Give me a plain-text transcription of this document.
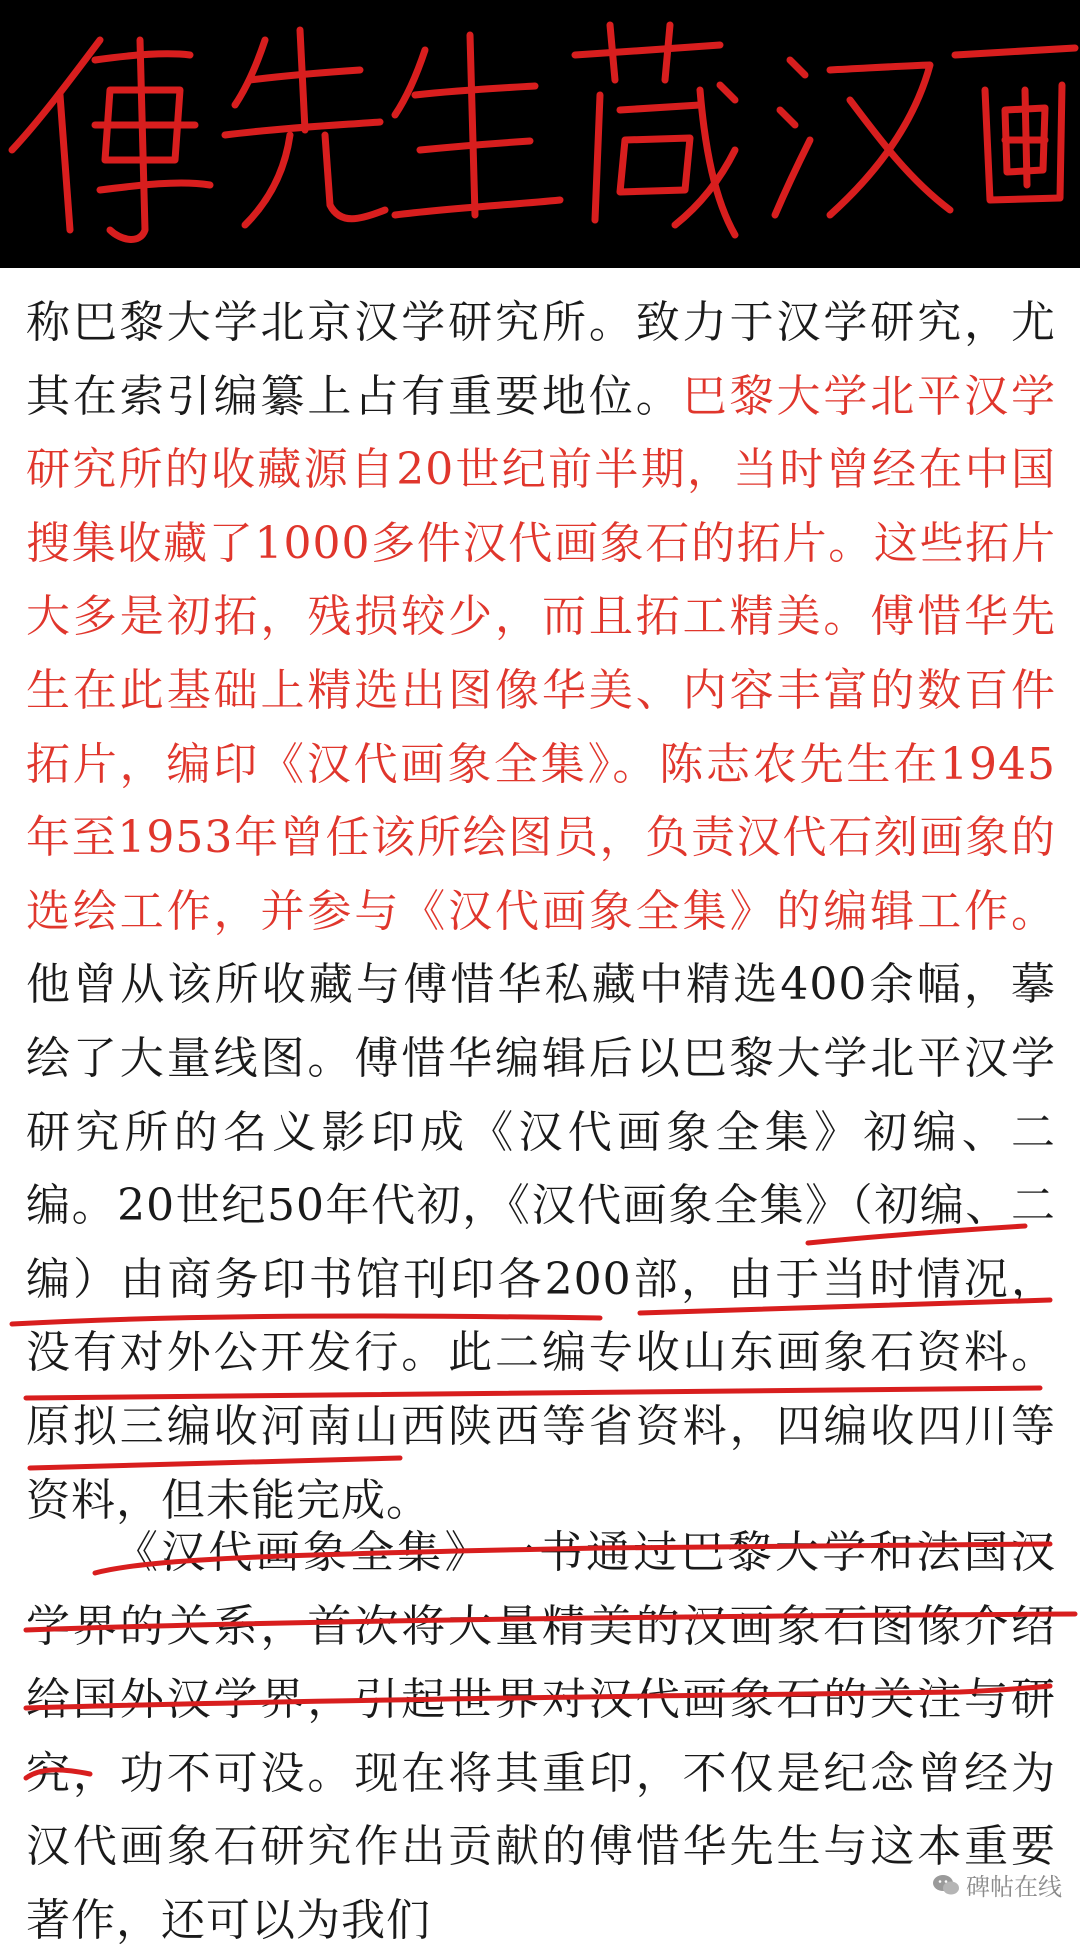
称巴黎大学北京汉学研究所。致力于汉学研究，尤其在索引编纂上占有重要地位。巴黎大学北平汉学研究所的收藏源自20世纪前半期，当时曾经在中国搜集收藏了1000多件汉代画象石的拓片。这些拓片大多是初拓，残损较少，而且拓工精美。傅惜华先生在此基础上精选出图像华美、内容丰富的数百件拓片，编印《汉代画象全集》。陈志农先生在1945年至1953年曾任该所绘图员，负责汉代石刻画象的选绘工作，并参与《汉代画象全集》的编辑工作。他曾从该所收藏与傅惜华私藏中精选400余幅，摹绘了大量线图。傅惜华编辑后以巴黎大学北平汉学研究所的名义影印成《汉代画象全集》初编、二编。20世纪50年代初，《汉代画象全集》（初编、二编）由商务印书馆刊印各200部，由于当时情况，没有对外公开发行。此二编专收山东画象石资料。原拟三编收河南山西陕西等省资料，四编收四川等资料，但未能完成。

《汉代画象全集》一书通过巴黎大学和法国汉学界的关系，首次将大量精美的汉画象石图像介绍给国外汉学界，引起世界对汉代画象石的关注与研究，功不可没。现在将其重印，不仅是纪念曾经为汉代画象石研究作出贡献的傅惜华先生与这本重要著作，还可以为我们

碑帖在线
